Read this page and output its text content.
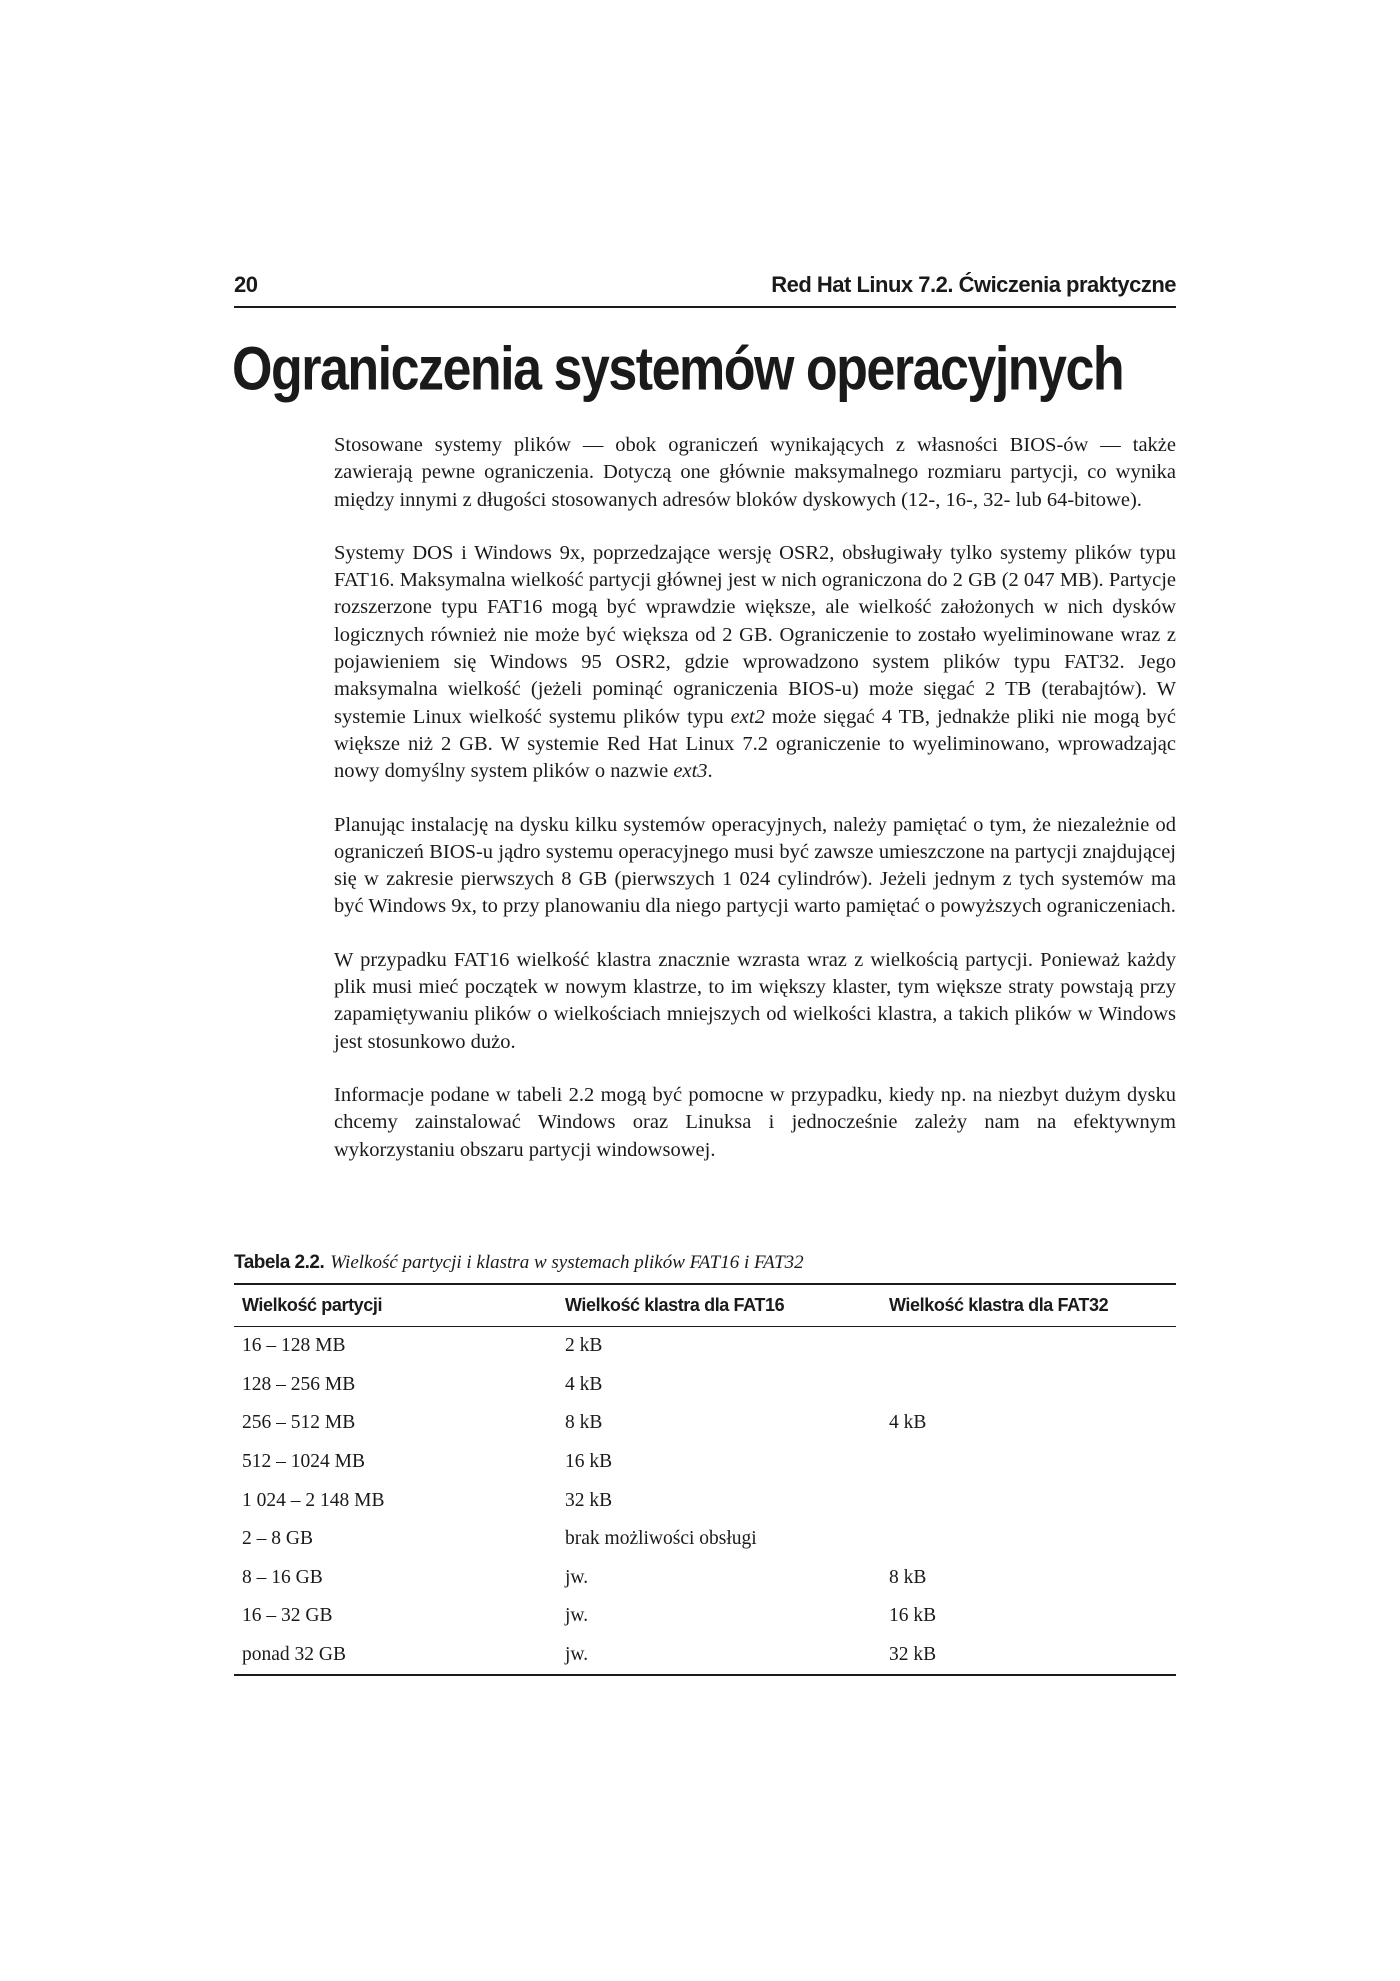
20	Red Hat Linux 7.2. Ćwiczenia praktyczne
Ograniczenia systemów operacyjnych

Stosowane systemy plików — obok ograniczeń wynikających z własności BIOS-ów — także zawierają pewne ograniczenia. Dotyczą one głównie maksymalnego rozmiaru partycji, co wynika między innymi z długości stosowanych adresów bloków dyskowych (12-, 16-, 32- lub 64-bitowe).

Systemy DOS i Windows 9x, poprzedzające wersję OSR2, obsługiwały tylko systemy plików typu FAT16. Maksymalna wielkość partycji głównej jest w nich ograniczona do 2 GB (2 047 MB). Partycje rozszerzone typu FAT16 mogą być wprawdzie większe, ale wielkość założonych w nich dysków logicznych również nie może być większa od 2 GB. Ograniczenie to zostało wyeliminowane wraz z pojawieniem się Windows 95 OSR2, gdzie wprowadzono system plików typu FAT32. Jego maksymalna wielkość (jeżeli pominąć ograniczenia BIOS-u) może sięgać 2 TB (terabajtów). W systemie Linux wielkość systemu plików typu ext2 może sięgać 4 TB, jednakże pliki nie mogą być większe niż 2 GB. W systemie Red Hat Linux 7.2 ograniczenie to wyeliminowano, wprowadzając nowy domyślny system plików o nazwie ext3.

Planując instalację na dysku kilku systemów operacyjnych, należy pamiętać o tym, że niezależnie od ograniczeń BIOS-u jądro systemu operacyjnego musi być zawsze umieszczone na partycji znajdującej się w zakresie pierwszych 8 GB (pierwszych 1 024 cylindrów). Jeżeli jednym z tych systemów ma być Windows 9x, to przy planowaniu dla niego partycji warto pamiętać o powyższych ograniczeniach.

W przypadku FAT16 wielkość klastra znacznie wzrasta wraz z wielkością partycji. Ponieważ każdy plik musi mieć początek w nowym klastrze, to im większy klaster, tym większe straty powstają przy zapamiętywaniu plików o wielkościach mniejszych od wielkości klastra, a takich plików w Windows jest stosunkowo dużo.

Informacje podane w tabeli 2.2 mogą być pomocne w przypadku, kiedy np. na niezbyt dużym dysku chcemy zainstalować Windows oraz Linuksa i jednocześnie zależy nam na efektywnym wykorzystaniu obszaru partycji windowsowej.

Tabela 2.2. Wielkość partycji i klastra w systemach plików FAT16 i FAT32
Wielkość partycji	Wielkość klastra dla FAT16	Wielkość klastra dla FAT32
16 – 128 MB	2 kB	
128 – 256 MB	4 kB	
256 – 512 MB	8 kB	4 kB
512 – 1024 MB	16 kB	
1 024 – 2 148 MB	32 kB	
2 – 8 GB	brak możliwości obsługi	
8 – 16 GB	jw.	8 kB
16 – 32 GB	jw.	16 kB
ponad 32 GB	jw.	32 kB
